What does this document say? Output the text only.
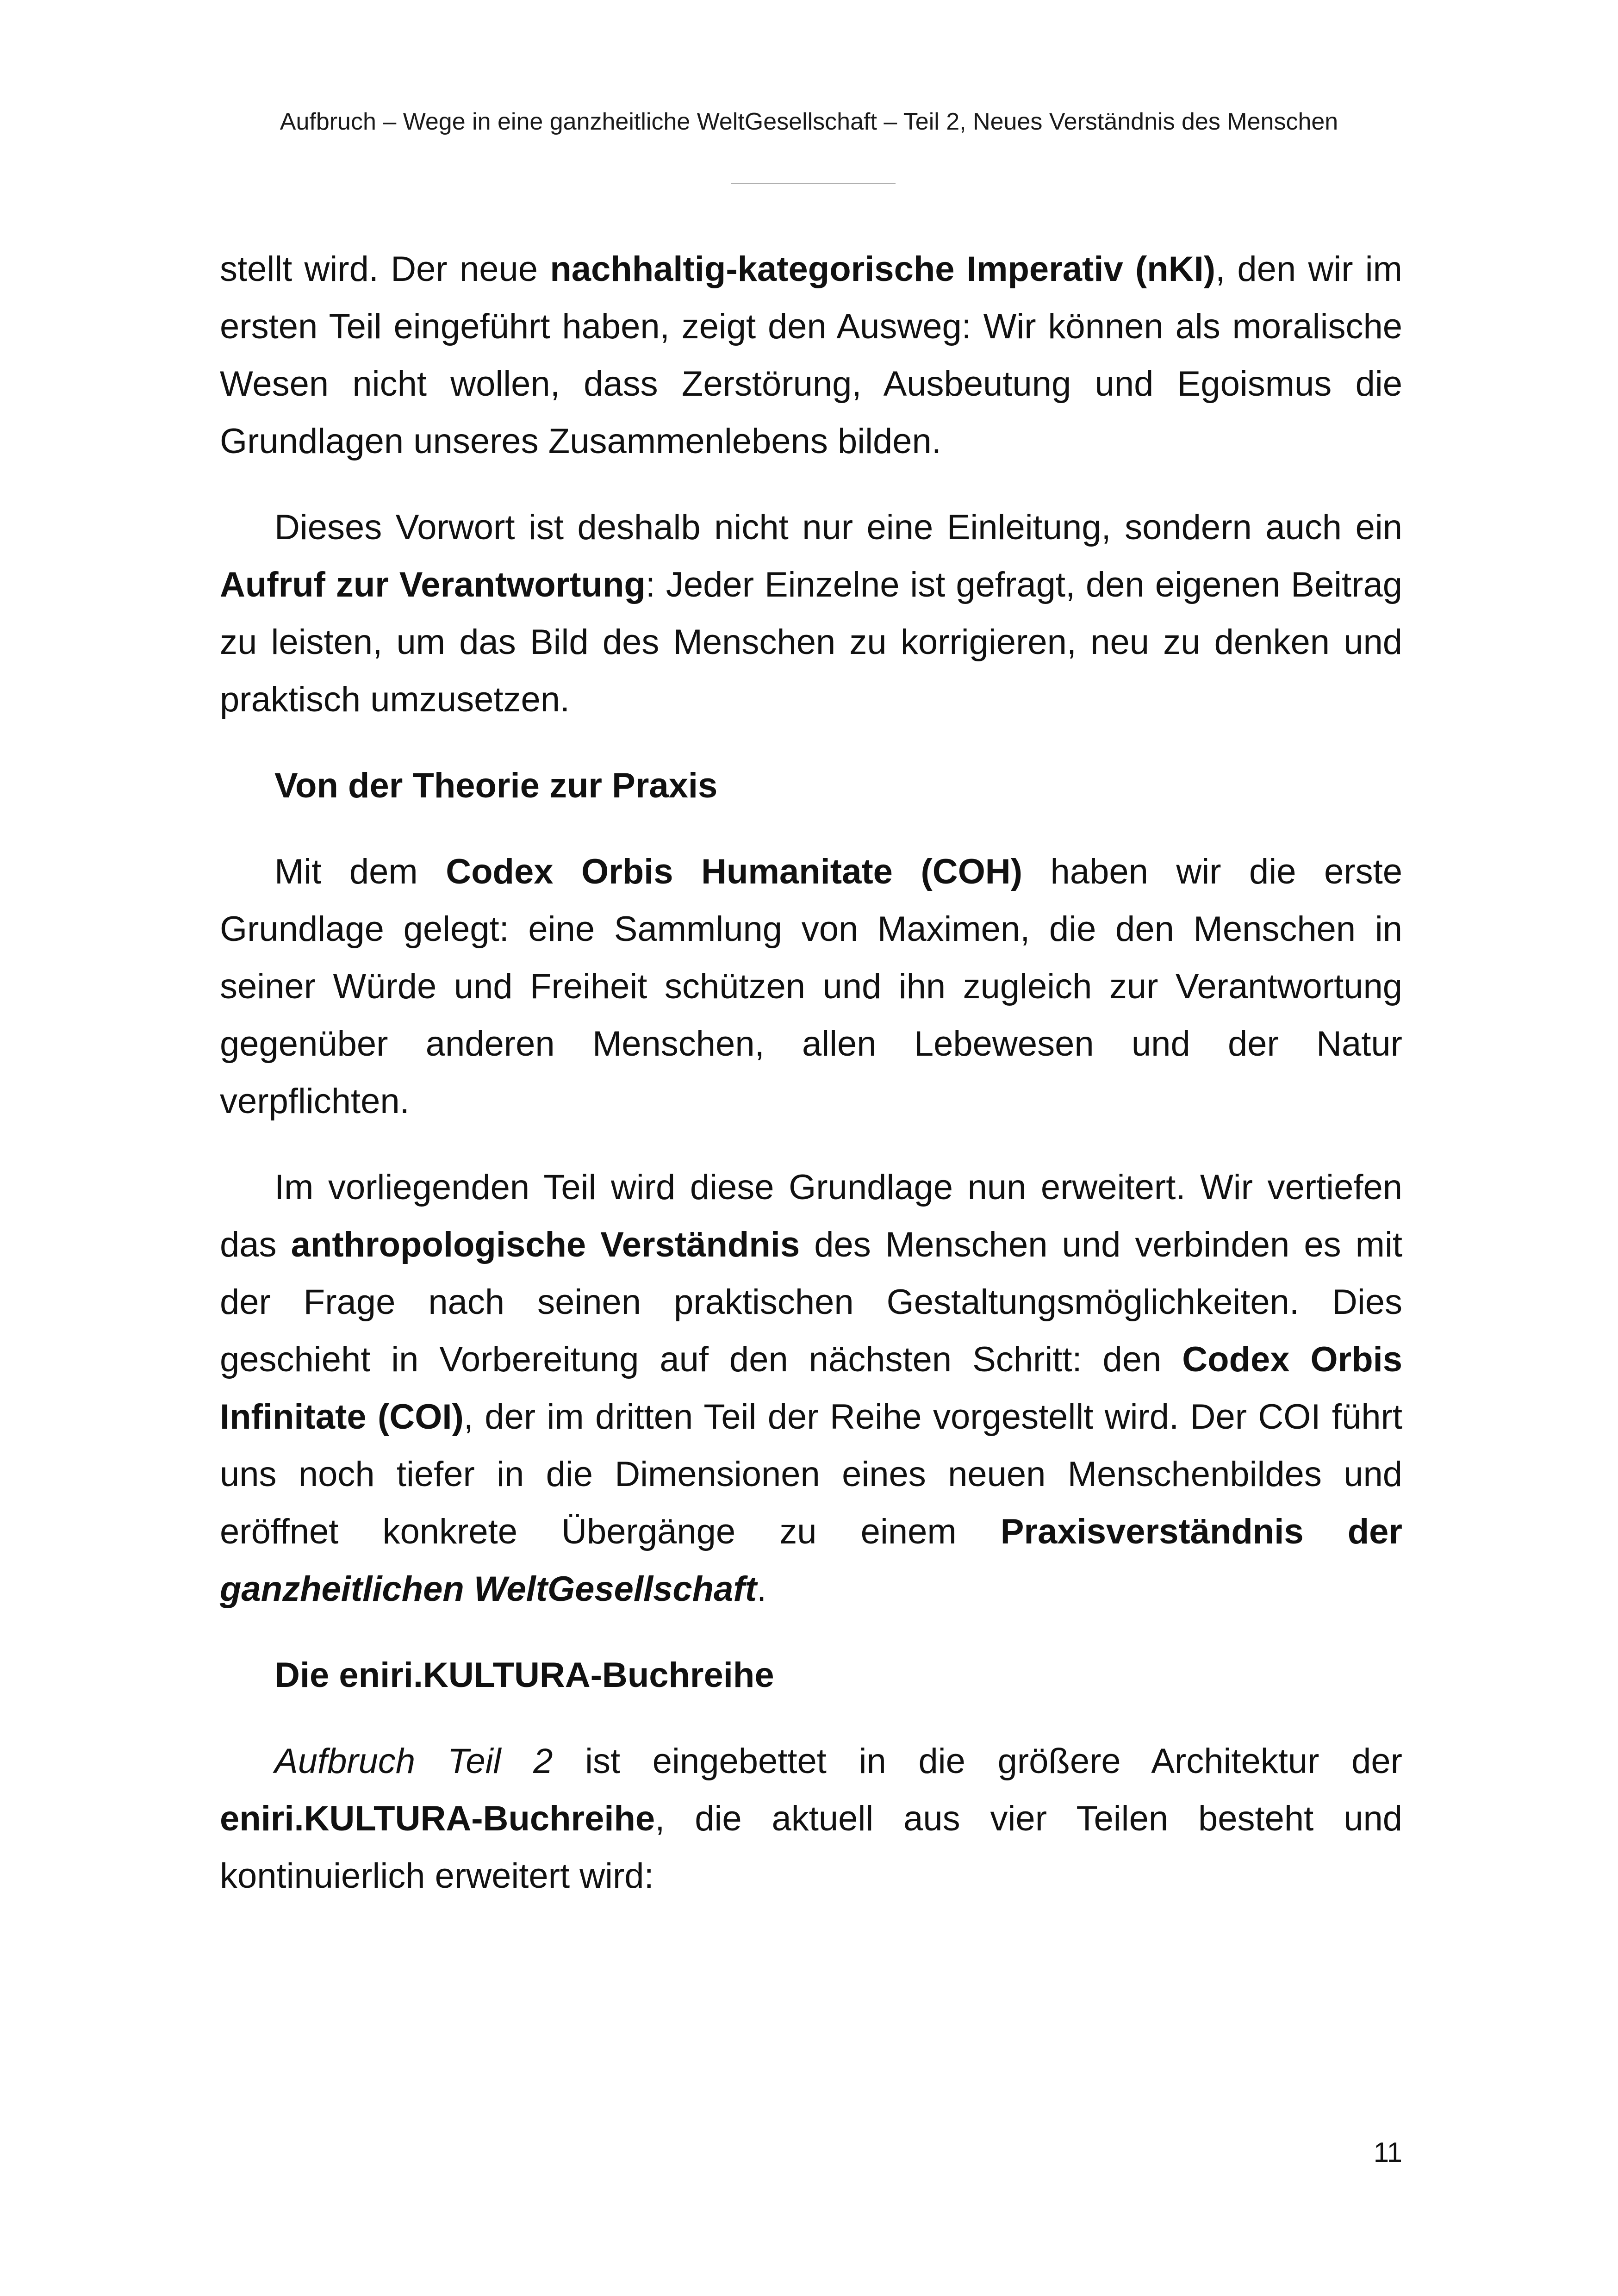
Aufbruch – Wege in eine ganzheitliche WeltGesellschaft – Teil 2, Neues Verständnis des Menschen

stellt wird. Der neue nachhaltig-kategorische Imperativ (nKI), den wir im ersten Teil eingeführt haben, zeigt den Ausweg: Wir können als moralische Wesen nicht wollen, dass Zerstörung, Ausbeutung und Egoismus die Grundlagen unseres Zusammenlebens bilden.

Dieses Vorwort ist deshalb nicht nur eine Einleitung, sondern auch ein Aufruf zur Verantwortung: Jeder Einzelne ist gefragt, den eigenen Beitrag zu leisten, um das Bild des Menschen zu korrigieren, neu zu denken und praktisch umzusetzen.

Von der Theorie zur Praxis

Mit dem Codex Orbis Humanitate (COH) haben wir die erste Grundlage gelegt: eine Sammlung von Maximen, die den Menschen in seiner Würde und Freiheit schützen und ihn zugleich zur Verantwortung gegenüber anderen Menschen, allen Lebewesen und der Natur verpflichten.

Im vorliegenden Teil wird diese Grundlage nun erweitert. Wir vertiefen das anthropologische Verständnis des Menschen und verbinden es mit der Frage nach seinen praktischen Gestaltungsmöglichkeiten. Dies geschieht in Vorbereitung auf den nächsten Schritt: den Codex Orbis Infinitate (COI), der im dritten Teil der Reihe vorgestellt wird. Der COI führt uns noch tiefer in die Dimensionen eines neuen Menschenbildes und eröffnet konkrete Übergänge zu einem Praxisverständnis der ganzheitlichen WeltGesellschaft.

Die eniri.KULTURA-Buchreihe

Aufbruch Teil 2 ist eingebettet in die größere Architektur der eniri.KULTURA-Buchreihe, die aktuell aus vier Teilen besteht und kontinuierlich erweitert wird:

11
